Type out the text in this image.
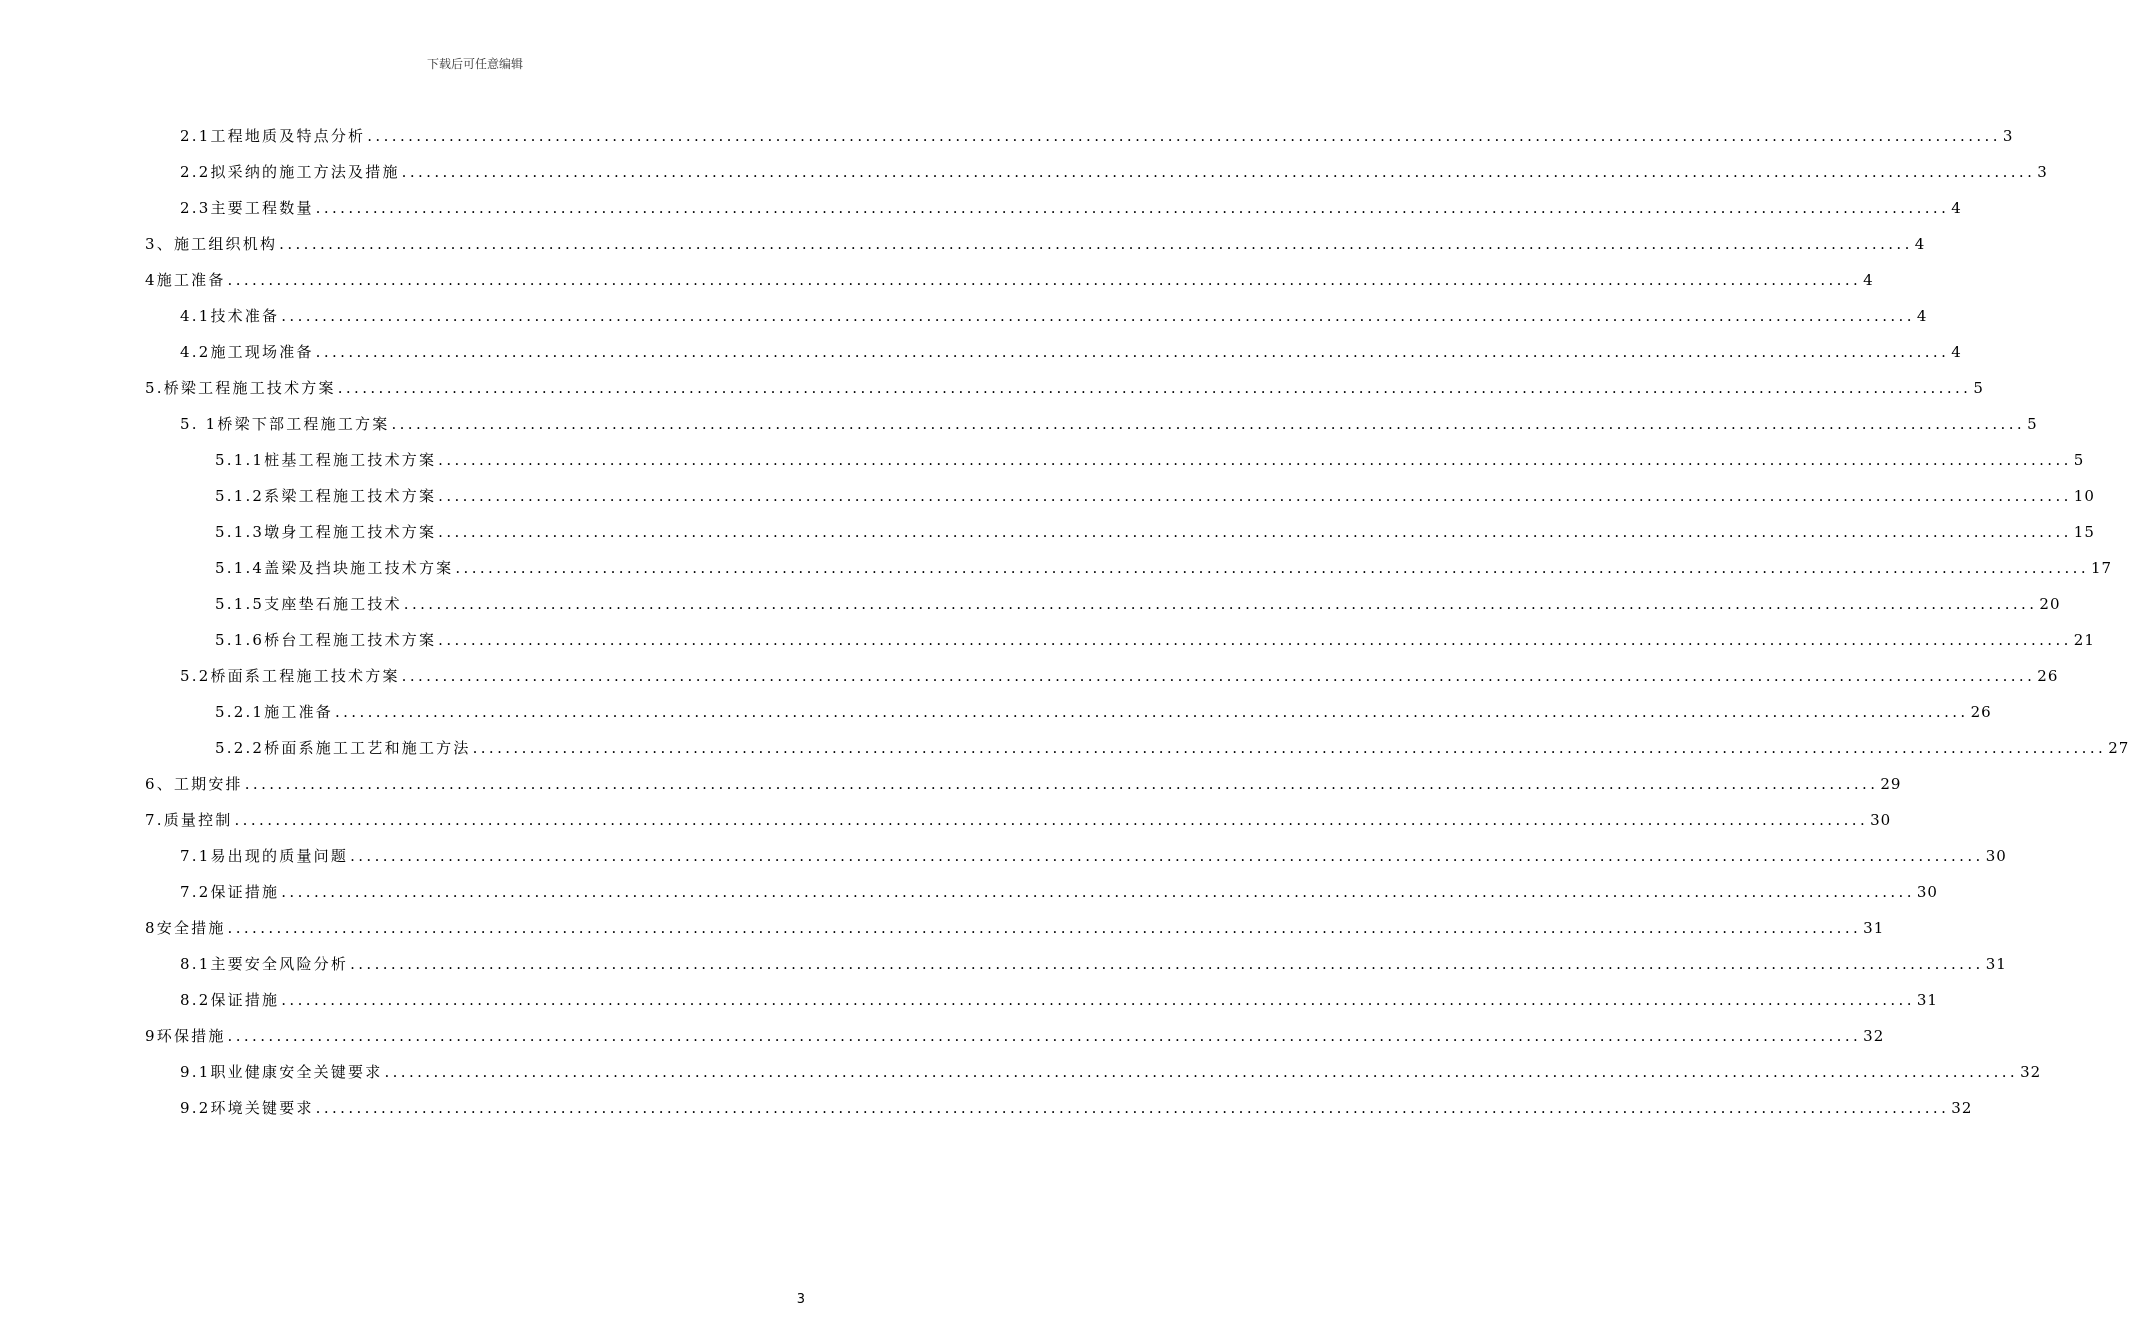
下载后可任意编辑
2.1工程地质及特点分析 ........................................................................................................................................................................................................ 3
2.2拟采纳的施工方法及措施 ........................................................................................................................................................................................................ 3
2.3主要工程数量 ........................................................................................................................................................................................................ 4
3、施工组织机构 ........................................................................................................................................................................................................ 4
4施工准备 ........................................................................................................................................................................................................ 4
4.1技术准备 ........................................................................................................................................................................................................ 4
4.2施工现场准备 ........................................................................................................................................................................................................ 4
5.桥梁工程施工技术方案 ........................................................................................................................................................................................................ 5
5. 1桥梁下部工程施工方案 ........................................................................................................................................................................................................ 5
5.1.1桩基工程施工技术方案 ........................................................................................................................................................................................................ 5
5.1.2系梁工程施工技术方案 ........................................................................................................................................................................................................ 10
5.1.3墩身工程施工技术方案 ........................................................................................................................................................................................................ 15
5.1.4盖梁及挡块施工技术方案 ........................................................................................................................................................................................................ 17
5.1.5支座垫石施工技术 ........................................................................................................................................................................................................ 20
5.1.6桥台工程施工技术方案 ........................................................................................................................................................................................................ 21
5.2桥面系工程施工技术方案 ........................................................................................................................................................................................................ 26
5.2.1施工准备 ........................................................................................................................................................................................................ 26
5.2.2桥面系施工工艺和施工方法 ........................................................................................................................................................................................................ 27
6、工期安排 ........................................................................................................................................................................................................ 29
7.质量控制 ........................................................................................................................................................................................................ 30
7.1易出现的质量问题 ........................................................................................................................................................................................................ 30
7.2保证措施 ........................................................................................................................................................................................................ 30
8安全措施 ........................................................................................................................................................................................................ 31
8.1主要安全风险分析 ........................................................................................................................................................................................................ 31
8.2保证措施 ........................................................................................................................................................................................................ 31
9环保措施 ........................................................................................................................................................................................................ 32
9.1职业健康安全关键要求 ........................................................................................................................................................................................................ 32
9.2环境关键要求 ........................................................................................................................................................................................................ 32
3
